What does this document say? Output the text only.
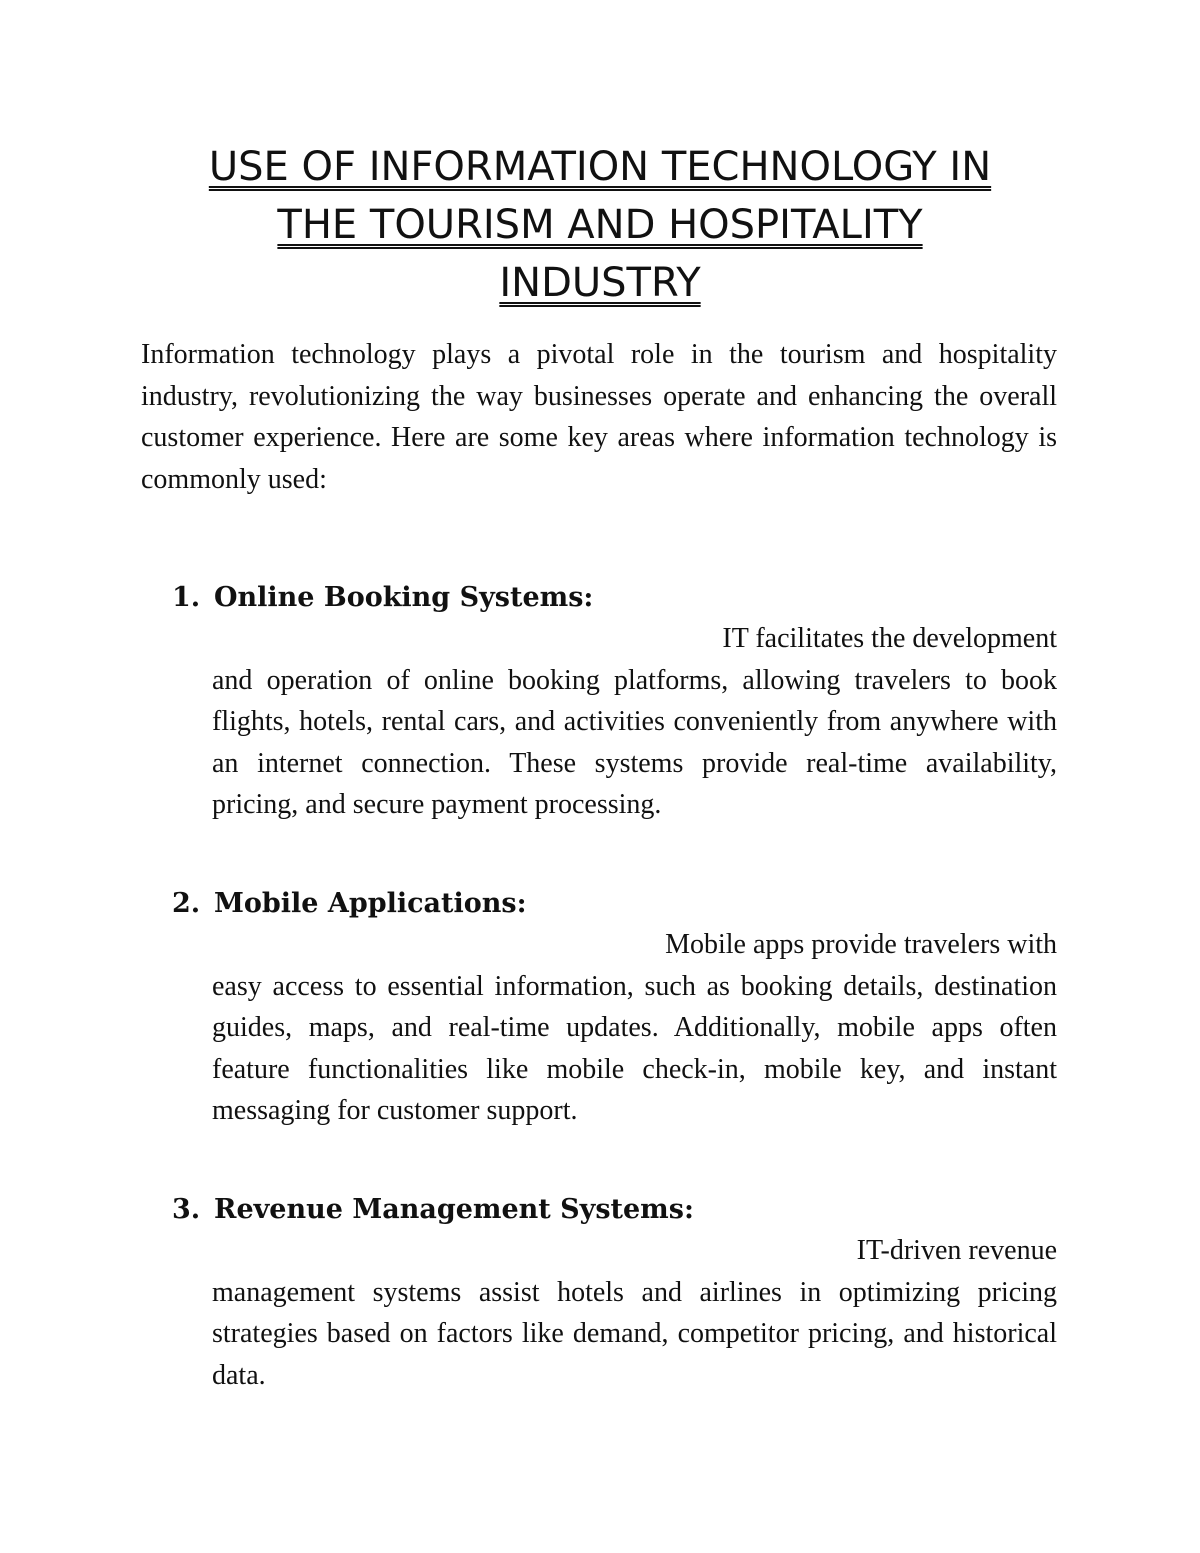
USE OF INFORMATION TECHNOLOGY IN
THE TOURISM AND HOSPITALITY
INDUSTRY

Information technology plays a pivotal role in the tourism and hospitality industry, revolutionizing the way businesses operate and enhancing the overall customer experience. Here are some key areas where information technology is commonly used:

1. Online Booking Systems:

IT facilitates the development
and operation of online booking platforms, allowing travelers to book flights, hotels, rental cars, and activities conveniently from anywhere with an internet connection. These systems provide real-time availability, pricing, and secure payment processing.

2. Mobile Applications:

Mobile apps provide travelers with
easy access to essential information, such as booking details, destination guides, maps, and real-time updates. Additionally, mobile apps often feature functionalities like mobile check-in, mobile key, and instant messaging for customer support.

3. Revenue Management Systems:

IT-driven revenue
management systems assist hotels and airlines in optimizing pricing strategies based on factors like demand, competitor pricing, and historical data.
